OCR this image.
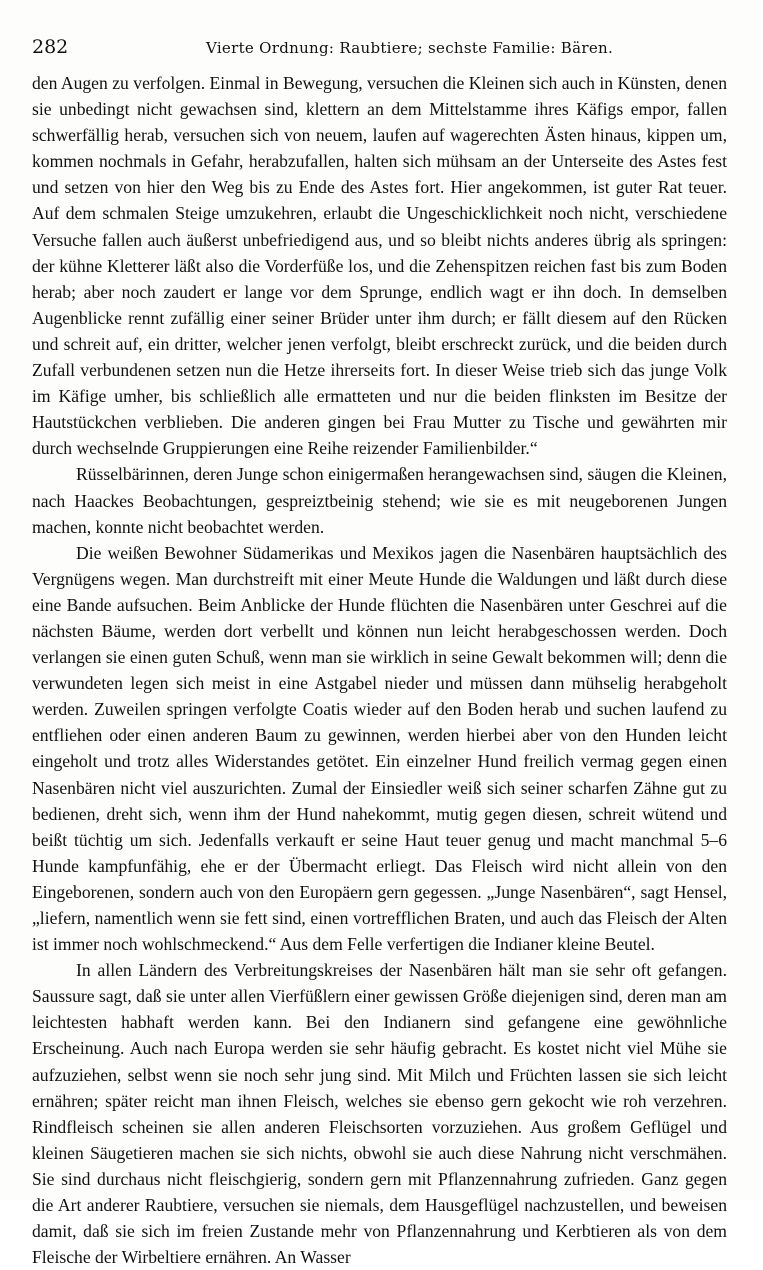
282	Vierte Ordnung: Raubtiere; sechste Familie: Bären.

den Augen zu verfolgen. Einmal in Bewegung, versuchen die Kleinen sich auch in Künsten, denen sie unbedingt nicht gewachsen sind, klettern an dem Mittelstamme ihres Käfigs empor, fallen schwerfällig herab, versuchen sich von neuem, laufen auf wagerechten Ästen hinaus, kippen um, kommen nochmals in Gefahr, herabzufallen, halten sich mühsam an der Unterseite des Astes fest und setzen von hier den Weg bis zu Ende des Astes fort. Hier angekommen, ist guter Rat teuer. Auf dem schmalen Steige umzukehren, erlaubt die Ungeschicklichkeit noch nicht, verschiedene Versuche fallen auch äußerst unbefriedigend aus, und so bleibt nichts anderes übrig als springen: der kühne Kletterer läßt also die Vorderfüße los, und die Zehenspitzen reichen fast bis zum Boden herab; aber noch zaudert er lange vor dem Sprunge, endlich wagt er ihn doch. In demselben Augenblicke rennt zufällig einer seiner Brüder unter ihm durch; er fällt diesem auf den Rücken und schreit auf, ein dritter, welcher jenen verfolgt, bleibt erschreckt zurück, und die beiden durch Zufall verbundenen setzen nun die Hetze ihrerseits fort. In dieser Weise trieb sich das junge Volk im Käfige umher, bis schließlich alle ermatteten und nur die beiden flinksten im Besitze der Hautstückchen verblieben. Die anderen gingen bei Frau Mutter zu Tische und gewährten mir durch wechselnde Gruppierungen eine Reihe reizender Familienbilder.“

Rüsselbärinnen, deren Junge schon einigermaßen herangewachsen sind, säugen die Kleinen, nach Haackes Beobachtungen, gespreiztbeinig stehend; wie sie es mit neugeborenen Jungen machen, konnte nicht beobachtet werden.

Die weißen Bewohner Südamerikas und Mexikos jagen die Nasenbären hauptsächlich des Vergnügens wegen. Man durchstreift mit einer Meute Hunde die Waldungen und läßt durch diese eine Bande aufsuchen. Beim Anblicke der Hunde flüchten die Nasenbären unter Geschrei auf die nächsten Bäume, werden dort verbellt und können nun leicht herabgeschossen werden. Doch verlangen sie einen guten Schuß, wenn man sie wirklich in seine Gewalt bekommen will; denn die verwundeten legen sich meist in eine Astgabel nieder und müssen dann mühselig herabgeholt werden. Zuweilen springen verfolgte Coatis wieder auf den Boden herab und suchen laufend zu entfliehen oder einen anderen Baum zu gewinnen, werden hierbei aber von den Hunden leicht eingeholt und trotz alles Widerstandes getötet. Ein einzelner Hund freilich vermag gegen einen Nasenbären nicht viel auszurichten. Zumal der Einsiedler weiß sich seiner scharfen Zähne gut zu bedienen, dreht sich, wenn ihm der Hund nahekommt, mutig gegen diesen, schreit wütend und beißt tüchtig um sich. Jedenfalls verkauft er seine Haut teuer genug und macht manchmal 5–6 Hunde kampfunfähig, ehe er der Übermacht erliegt. Das Fleisch wird nicht allein von den Eingeborenen, sondern auch von den Europäern gern gegessen. „Junge Nasenbären“, sagt Hensel, „liefern, namentlich wenn sie fett sind, einen vortrefflichen Braten, und auch das Fleisch der Alten ist immer noch wohlschmeckend.“ Aus dem Felle verfertigen die Indianer kleine Beutel.

In allen Ländern des Verbreitungskreises der Nasenbären hält man sie sehr oft gefangen. Saussure sagt, daß sie unter allen Vierfüßlern einer gewissen Größe diejenigen sind, deren man am leichtesten habhaft werden kann. Bei den Indianern sind gefangene eine gewöhnliche Erscheinung. Auch nach Europa werden sie sehr häufig gebracht. Es kostet nicht viel Mühe sie aufzuziehen, selbst wenn sie noch sehr jung sind. Mit Milch und Früchten lassen sie sich leicht ernähren; später reicht man ihnen Fleisch, welches sie ebenso gern gekocht wie roh verzehren. Rindfleisch scheinen sie allen anderen Fleischsorten vorzuziehen. Aus großem Geflügel und kleinen Säugetieren machen sie sich nichts, obwohl sie auch diese Nahrung nicht verschmähen. Sie sind durchaus nicht fleischgierig, sondern gern mit Pflanzennahrung zufrieden. Ganz gegen die Art anderer Raubtiere, versuchen sie niemals, dem Hausgeflügel nachzustellen, und beweisen damit, daß sie sich im freien Zustande mehr von Pflanzennahrung und Kerbtieren als von dem Fleische der Wirbeltiere ernähren. An Wasser
